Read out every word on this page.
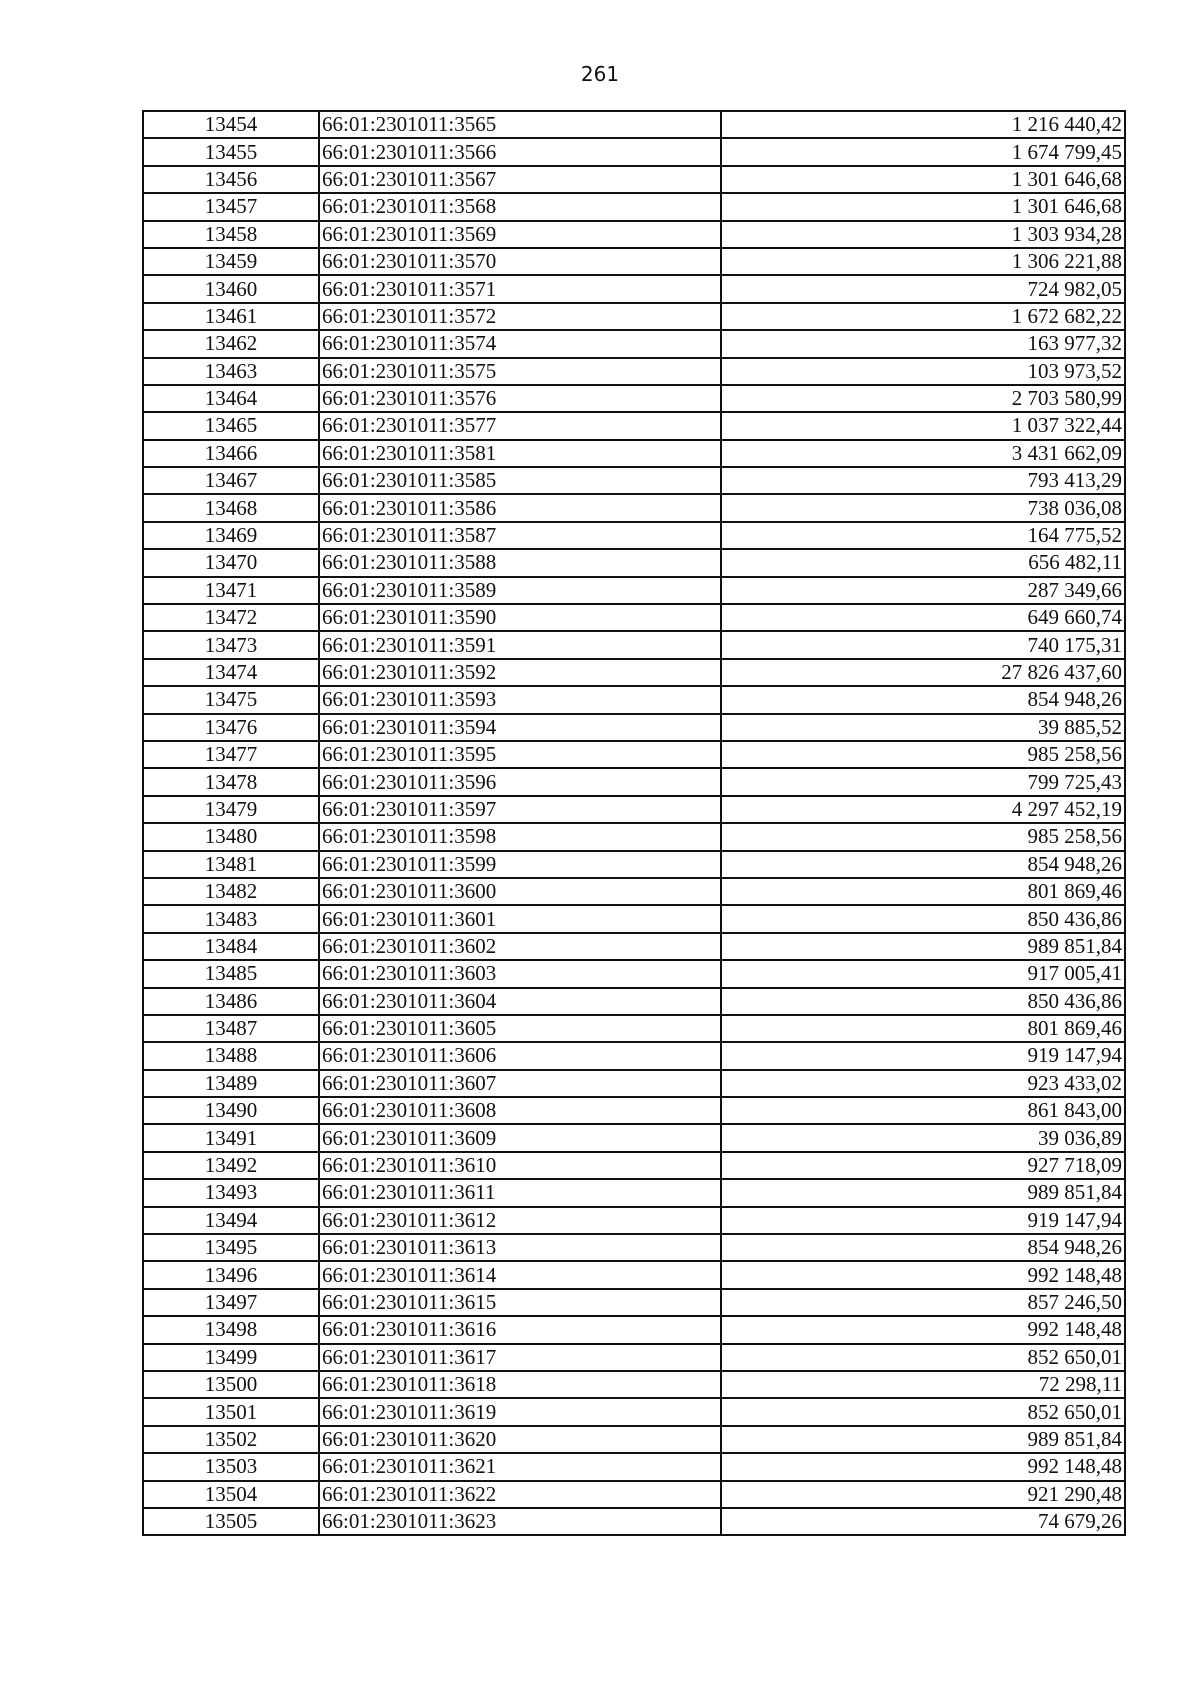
261
13454	66:01:2301011:3565	1 216 440,42
13455	66:01:2301011:3566	1 674 799,45
13456	66:01:2301011:3567	1 301 646,68
13457	66:01:2301011:3568	1 301 646,68
13458	66:01:2301011:3569	1 303 934,28
13459	66:01:2301011:3570	1 306 221,88
13460	66:01:2301011:3571	724 982,05
13461	66:01:2301011:3572	1 672 682,22
13462	66:01:2301011:3574	163 977,32
13463	66:01:2301011:3575	103 973,52
13464	66:01:2301011:3576	2 703 580,99
13465	66:01:2301011:3577	1 037 322,44
13466	66:01:2301011:3581	3 431 662,09
13467	66:01:2301011:3585	793 413,29
13468	66:01:2301011:3586	738 036,08
13469	66:01:2301011:3587	164 775,52
13470	66:01:2301011:3588	656 482,11
13471	66:01:2301011:3589	287 349,66
13472	66:01:2301011:3590	649 660,74
13473	66:01:2301011:3591	740 175,31
13474	66:01:2301011:3592	27 826 437,60
13475	66:01:2301011:3593	854 948,26
13476	66:01:2301011:3594	39 885,52
13477	66:01:2301011:3595	985 258,56
13478	66:01:2301011:3596	799 725,43
13479	66:01:2301011:3597	4 297 452,19
13480	66:01:2301011:3598	985 258,56
13481	66:01:2301011:3599	854 948,26
13482	66:01:2301011:3600	801 869,46
13483	66:01:2301011:3601	850 436,86
13484	66:01:2301011:3602	989 851,84
13485	66:01:2301011:3603	917 005,41
13486	66:01:2301011:3604	850 436,86
13487	66:01:2301011:3605	801 869,46
13488	66:01:2301011:3606	919 147,94
13489	66:01:2301011:3607	923 433,02
13490	66:01:2301011:3608	861 843,00
13491	66:01:2301011:3609	39 036,89
13492	66:01:2301011:3610	927 718,09
13493	66:01:2301011:3611	989 851,84
13494	66:01:2301011:3612	919 147,94
13495	66:01:2301011:3613	854 948,26
13496	66:01:2301011:3614	992 148,48
13497	66:01:2301011:3615	857 246,50
13498	66:01:2301011:3616	992 148,48
13499	66:01:2301011:3617	852 650,01
13500	66:01:2301011:3618	72 298,11
13501	66:01:2301011:3619	852 650,01
13502	66:01:2301011:3620	989 851,84
13503	66:01:2301011:3621	992 148,48
13504	66:01:2301011:3622	921 290,48
13505	66:01:2301011:3623	74 679,26
